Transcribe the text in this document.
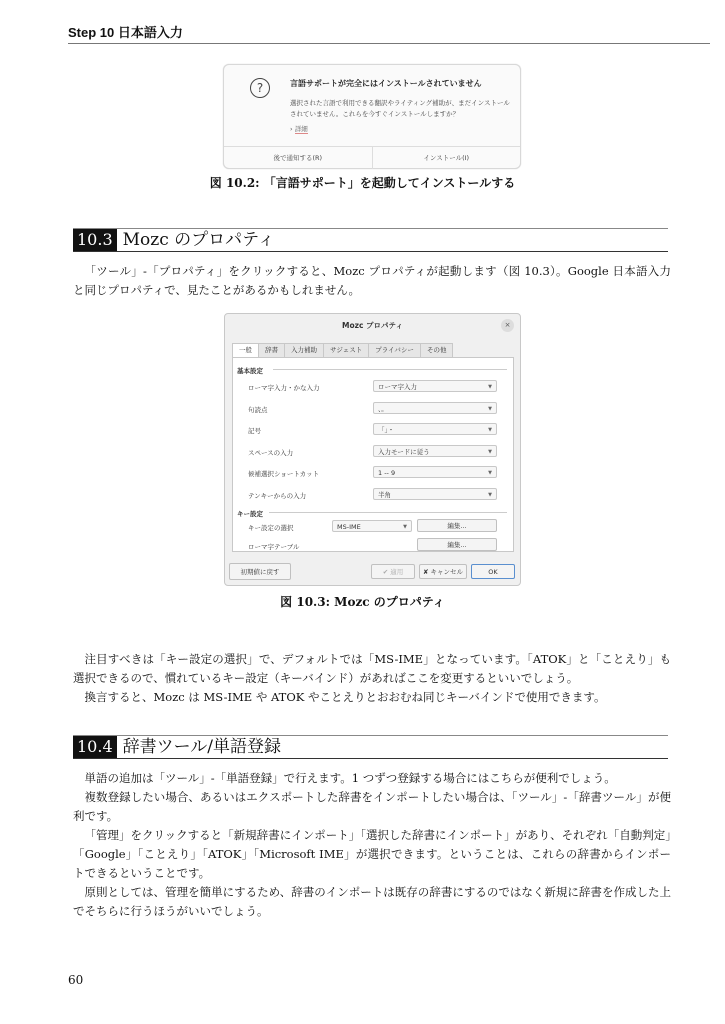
Step 10 日本語入力
?	言語サポートが完全にはインストールされていません
選択された言語で利用できる翻訳やライティング補助が、まだインストールされていません。これらを今すぐインストールしますか？
› 詳細
後で通知する(R)	インストール(I)
図 10.2: 「言語サポート」を起動してインストールする
10.3 Mozc のプロパティ

「ツール」-「プロパティ」をクリックすると、Mozc プロパティが起動します（図 10.3）。Google 日本語入力と同じプロパティで、見たことがあるかもしれません。

Mozc プロパティ	×
一般	辞書	入力補助	サジェスト	プライバシー	その他
基本設定
ローマ字入力・かな入力	ローマ字入力	▼
句読点	、。	▼
記号	「」・	▼
スペースの入力	入力モードに従う	▼
候補選択ショートカット	1 -- 9	▼
テンキーからの入力	半角	▼
キー設定
キー設定の選択	MS-IME	▼	編集...
ローマ字テーブル	編集...
初期値に戻す	✔ 適用	✘ キャンセル	OK
図 10.3: Mozc のプロパティ

注目すべきは「キー設定の選択」で、デフォルトでは「MS-IME」となっています。「ATOK」と「ことえり」も選択できるので、慣れているキー設定（キーバインド）があればここを変更するといいでしょう。

換言すると、Mozc は MS-IME や ATOK やことえりとおおむね同じキーバインドで使用できます。

10.4 辞書ツール/単語登録

単語の追加は「ツール」-「単語登録」で行えます。1 つずつ登録する場合にはこちらが便利でしょう。

複数登録したい場合、あるいはエクスポートした辞書をインポートしたい場合は、「ツール」-「辞書ツール」が便利です。

「管理」をクリックすると「新規辞書にインポート」「選択した辞書にインポート」があり、それぞれ「自動判定」「Google」「ことえり」「ATOK」「Microsoft IME」が選択できます。ということは、これらの辞書からインポートできるということです。

原則としては、管理を簡単にするため、辞書のインポートは既存の辞書にするのではなく新規に辞書を作成した上でそちらに行うほうがいいでしょう。

60
